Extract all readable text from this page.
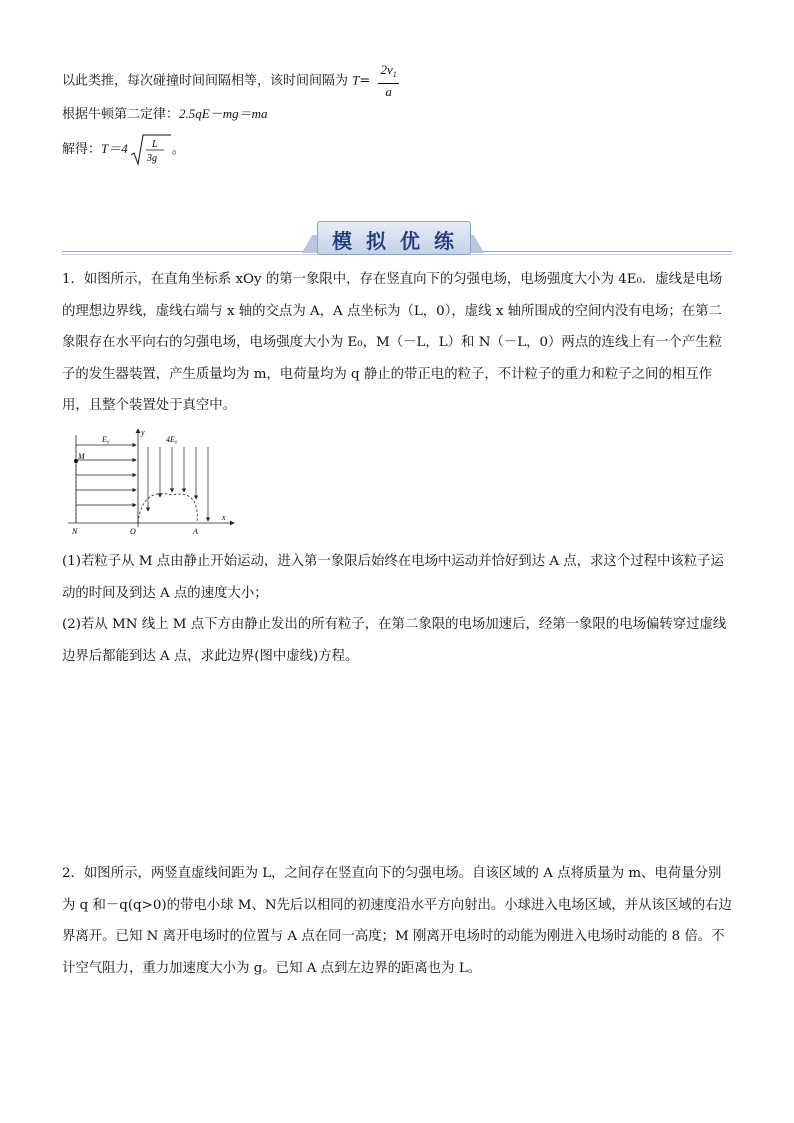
以此类推，每次碰撞时间间隔相等，该时间间隔为 $T= \frac{2v_1}{a}$
根据牛顿第二定律：2.5qE－mg＝ma
解得：T＝4 L
3g
。
模拟优练
1．如图所示，在直角坐标系 xOy 的第一象限中，存在竖直向下的匀强电场，电场强度大小为 4E₀．虚线是电场的理想边界线，虚线右端与 x 轴的交点为 A，A 点坐标为（L，0），虚线 x 轴所围成的空间内没有电场；在第二象限存在水平向右的匀强电场，电场强度大小为 E₀，M（－L，L）和 N（－L，0）两点的连线上有一个产生粒子的发生器装置，产生质量均为 m，电荷量均为 q 静止的带正电的粒子，不计粒子的重力和粒子之间的相互作用，且整个装置处于真空中。
E₀	4E₀
y
x
M
N	O	A
(1)若粒子从 M 点由静止开始运动，进入第一象限后始终在电场中运动并恰好到达 A 点，求这个过程中该粒子运动的时间及到达 A 点的速度大小；
(2)若从 MN 线上 M 点下方由静止发出的所有粒子，在第二象限的电场加速后，经第一象限的电场偏转穿过虚线边界后都能到达 A 点，求此边界(图中虚线)方程。
2．如图所示，两竖直虚线间距为 L，之间存在竖直向下的匀强电场。自该区域的 A 点将质量为 m、电荷量分别为 q 和－q(q>0)的带电小球 M、N先后以相同的初速度沿水平方向射出。小球进入电场区域，并从该区域的右边界离开。已知 N 离开电场时的位置与 A 点在同一高度；M 刚离开电场时的动能为刚进入电场时动能的 8 倍。不计空气阻力，重力加速度大小为 g。已知 A 点到左边界的距离也为 L。
